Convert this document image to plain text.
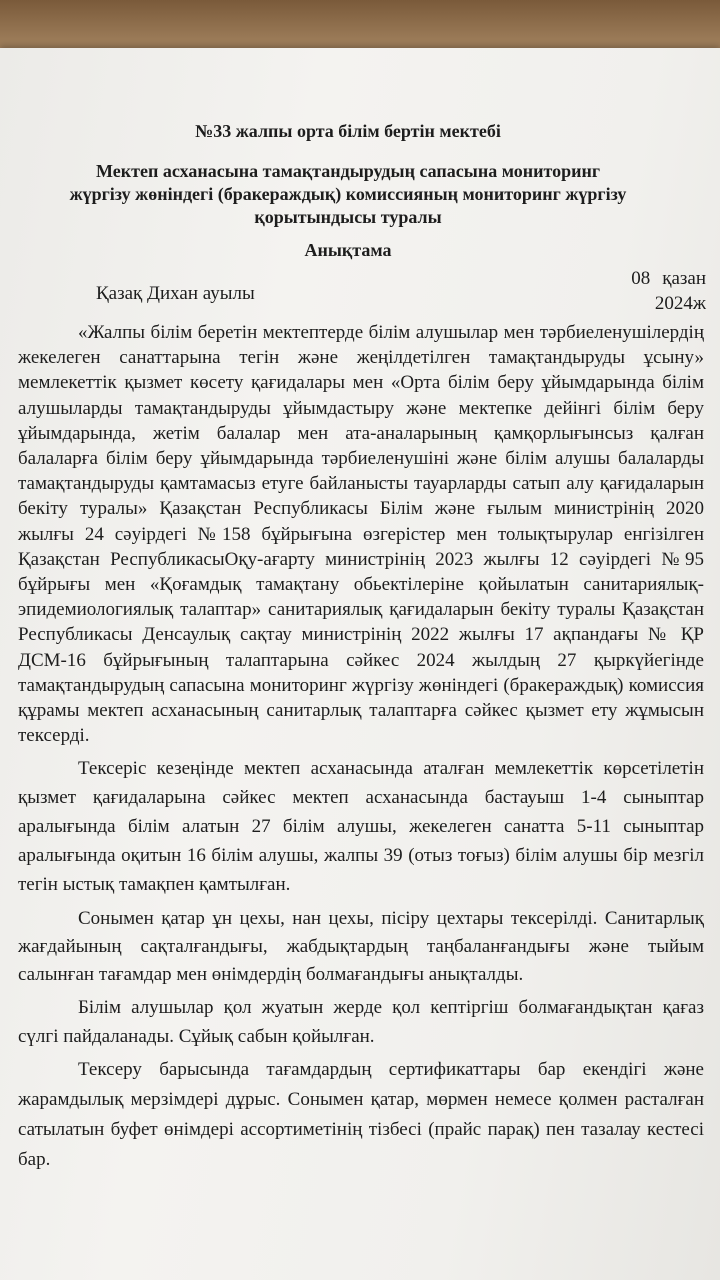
№33 жалпы орта білім бертін мектебі
Мектеп асханасына тамақтандырудың сапасына мониторинг
жүргізу жөніндегі (бракераждық) комиссияның мониторинг жүргізу
қорытындысы туралы
Анықтама
Қазақ Дихан ауылы
08 қазан
2024ж

«Жалпы білім беретін мектептерде білім алушылар мен тәрбиеленушілердің жекелеген санаттарына тегін және жеңілдетілген тамақтандыруды ұсыну» мемлекеттік қызмет көсету қағидалары мен «Орта білім беру ұйымдарында білім алушыларды тамақтандыруды ұйымдастыру және мектепке дейінгі білім беру ұйымдарында, жетім балалар мен ата-аналарының қамқорлығынсыз қалған балаларға білім беру ұйымдарында тәрбиеленушіні және білім алушы балаларды тамақтандыруды қамтамасыз етуге байланысты тауарларды сатып алу қағидаларын бекіту туралы» Қазақстан Республикасы Білім және ғылым министрінің 2020 жылғы 24 сәуірдегі №158 бұйрығына өзгерістер мен толықтырулар енгізілген Қазақстан РеспубликасыОқу-ағарту министрінің 2023 жылғы 12 сәуірдегі №95 бұйрығы мен «Қоғамдық тамақтану обьектілеріне қойылатын санитариялық-эпидемиологиялық талаптар» санитариялық қағидаларын бекіту туралы Қазақстан Республикасы Денсаулық сақтау министрінің 2022 жылғы 17 ақпандағы № ҚР ДСМ-16 бұйрығының талаптарына сәйкес 2024 жылдың 27 қыркүйегінде тамақтандырудың сапасына мониторинг жүргізу жөніндегі (бракераждық) комиссия құрамы мектеп асханасының санитарлық талаптарға сәйкес қызмет ету жұмысын тексерді.

Тексеріс кезеңінде мектеп асханасында аталған мемлекеттік көрсетілетін қызмет қағидаларына сәйкес мектеп асханасында бастауыш 1-4 сыныптар аралығында білім алатын 27 білім алушы, жекелеген санатта 5-11 сыныптар аралығында оқитын 16 білім алушы, жалпы 39 (отыз тоғыз) білім алушы бір мезгіл тегін ыстық тамақпен қамтылған.

Сонымен қатар ұн цехы, нан цехы, пісіру цехтары тексерілді. Санитарлық жағдайының сақталғандығы, жабдықтардың таңбаланғандығы және тыйым салынған тағамдар мен өнімдердің болмағандығы анықталды.

Білім алушылар қол жуатын жерде қол кептіргіш болмағандықтан қағаз сүлгі пайдаланады. Сұйық сабын қойылған.

Тексеру барысында тағамдардың сертификаттары бар екендігі және жарамдылық мерзімдері дұрыс. Сонымен қатар, мөрмен немесе қолмен расталған сатылатын буфет өнімдері ассортиметінің тізбесі (прайс парақ) пен тазалау кестесі бар.
